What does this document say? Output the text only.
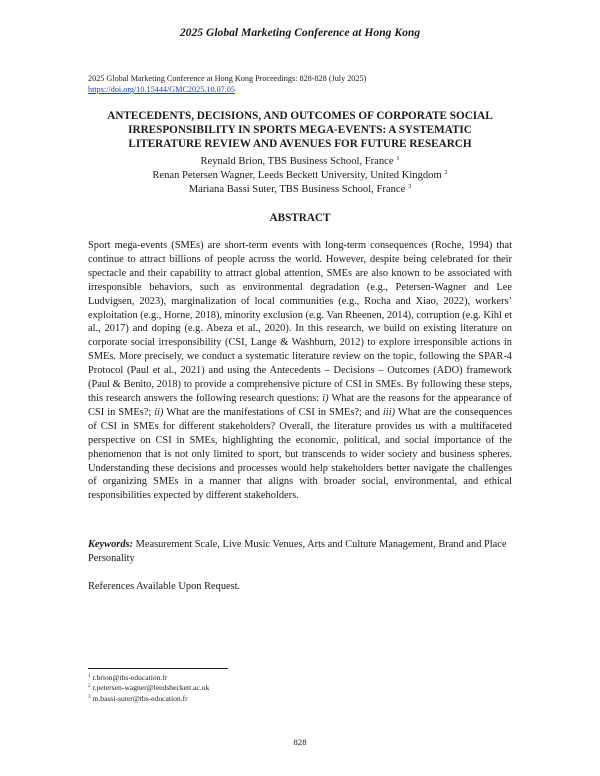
2025 Global Marketing Conference at Hong Kong
2025 Global Marketing Conference at Hong Kong Proceedings: 828-828 (July 2025)
https://doi.org/10.15444/GMC2025.10.07.05
ANTECEDENTS, DECISIONS, AND OUTCOMES OF CORPORATE SOCIAL
IRRESPONSIBILITY IN SPORTS MEGA-EVENTS: A SYSTEMATIC
LITERATURE REVIEW AND AVENUES FOR FUTURE RESEARCH
Reynald Brion, TBS Business School, France $^1$
Renan Petersen Wagner, Leeds Beckett University, United Kingdom $^2$
Mariana Bassi Suter, TBS Business School, France $^3$
ABSTRACT

Sport mega-events (SMEs) are short-term events with long-term consequences (Roche, 1994) that continue to attract billions of people across the world. However, despite being celebrated for their spectacle and their capability to attract global attention, SMEs are also known to be associated with irresponsible behaviors, such as environmental degradation (e.g., Petersen-Wagner and Lee Ludvigsen, 2023), marginalization of local communities (e.g., Rocha and Xiao, 2022), workers’ exploitation (e.g., Horne, 2018), minority exclusion (e.g. Van Rheenen, 2014), corruption (e.g. Kihl et al., 2017) and doping (e.g. Abeza et al., 2020). In this research, we build on existing literature on corporate social irresponsibility (CSI, Lange & Washburn, 2012) to explore irresponsible actions in SMEs. More precisely, we conduct a systematic literature review on the topic, following the SPAR-4 Protocol (Paul et al., 2021) and using the Antecedents – Decisions – Outcomes (ADO) framework (Paul & Benito, 2018) to provide a comprehensive picture of CSI in SMEs. By following these steps, this research answers the following research questions: i) What are the reasons for the appearance of CSI in SMEs?; ii) What are the manifestations of CSI in SMEs?; and iii) What are the consequences of CSI in SMEs for different stakeholders? Overall, the literature provides us with a multifaceted perspective on CSI in SMEs, highlighting the economic, political, and social importance of the phenomenon that is not only limited to sport, but transcends to wider society and business spheres. Understanding these decisions and processes would help stakeholders better navigate the challenges of organizing SMEs in a manner that aligns with broader social, environmental, and ethical responsibilities expected by different stakeholders.

Keywords: Measurement Scale, Live Music Venues, Arts and Culture Management, Brand and Place Personality

References Available Upon Request.
$^1$ r.brion@tbs-education.fr
$^2$ r.petersen-wagner@leedsbeckett.ac.uk
$^3$ m.bassi-suter@tbs-education.fr
828
